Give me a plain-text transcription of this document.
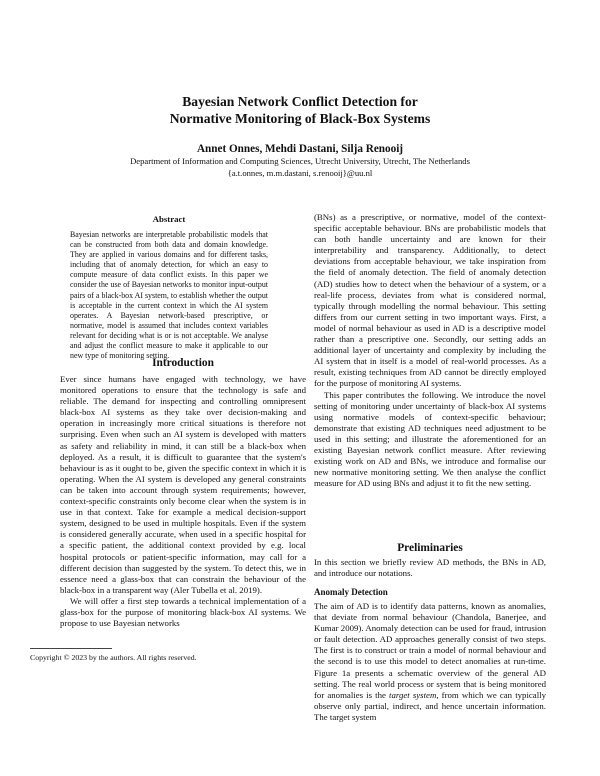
Bayesian Network Conflict Detection for
Normative Monitoring of Black-Box Systems
Annet Onnes, Mehdi Dastani, Silja Renooij
Department of Information and Computing Sciences, Utrecht University, Utrecht, The Netherlands
{a.t.onnes, m.m.dastani, s.renooij}@uu.nl
Abstract

Bayesian networks are interpretable probabilistic models that can be constructed from both data and domain knowledge. They are applied in various domains and for different tasks, including that of anomaly detection, for which an easy to compute measure of data conflict exists. In this paper we consider the use of Bayesian networks to monitor input-output pairs of a black-box AI system, to establish whether the output is acceptable in the current context in which the AI system operates. A Bayesian network-based prescriptive, or normative, model is assumed that includes context variables relevant for deciding what is or is not acceptable. We analyse and adjust the conflict measure to make it applicable to our new type of monitoring setting.

Introduction

Ever since humans have engaged with technology, we have monitored operations to ensure that the technology is safe and reliable. The demand for inspecting and controlling omnipresent black-box AI systems as they take over decision-making and operation in increasingly more critical situations is therefore not surprising. Even when such an AI system is developed with matters as safety and reliability in mind, it can still be a black-box when deployed. As a result, it is difficult to guarantee that the system's behaviour is as it ought to be, given the specific context in which it is operating. When the AI system is developed any general constraints can be taken into account through system requirements; however, context-specific constraints only become clear when the system is in use in that context. Take for example a medical decision-support system, designed to be used in multiple hospitals. Even if the system is considered generally accurate, when used in a specific hospital for a specific patient, the additional context provided by e.g. local hospital protocols or patient-specific information, may call for a different decision than suggested by the system. To detect this, we in essence need a glass-box that can constrain the behaviour of the black-box in a transparent way (Aler Tubella et al. 2019).

We will offer a first step towards a technical implementation of a glass-box for the purpose of monitoring black-box AI systems. We propose to use Bayesian networks

Copyright © 2023 by the authors. All rights reserved.

(BNs) as a prescriptive, or normative, model of the context-specific acceptable behaviour. BNs are probabilistic models that can both handle uncertainty and are known for their interpretability and transparency. Additionally, to detect deviations from acceptable behaviour, we take inspiration from the field of anomaly detection. The field of anomaly detection (AD) studies how to detect when the behaviour of a system, or a real-life process, deviates from what is considered normal, typically through modelling the normal behaviour. This setting differs from our current setting in two important ways. First, a model of normal behaviour as used in AD is a descriptive model rather than a prescriptive one. Secondly, our setting adds an additional layer of uncertainty and complexity by including the AI system that in itself is a model of real-world processes. As a result, existing techniques from AD cannot be directly employed for the purpose of monitoring AI systems.

This paper contributes the following. We introduce the novel setting of monitoring under uncertainty of black-box AI systems using normative models of context-specific behaviour; demonstrate that existing AD techniques need adjustment to be used in this setting; and illustrate the aforementioned for an existing Bayesian network conflict measure. After reviewing existing work on AD and BNs, we introduce and formalise our new normative monitoring setting. We then analyse the conflict measure for AD using BNs and adjust it to fit the new setting.

Preliminaries

In this section we briefly review AD methods, the BNs in AD, and introduce our notations.

Anomaly Detection

The aim of AD is to identify data patterns, known as anomalies, that deviate from normal behaviour (Chandola, Banerjee, and Kumar 2009). Anomaly detection can be used for fraud, intrusion or fault detection. AD approaches generally consist of two steps. The first is to construct or train a model of normal behaviour and the second is to use this model to detect anomalies at run-time. Figure 1a presents a schematic overview of the general AD setting. The real world process or system that is being monitored for anomalies is the target system, from which we can typically observe only partial, indirect, and hence uncertain information. The target system
